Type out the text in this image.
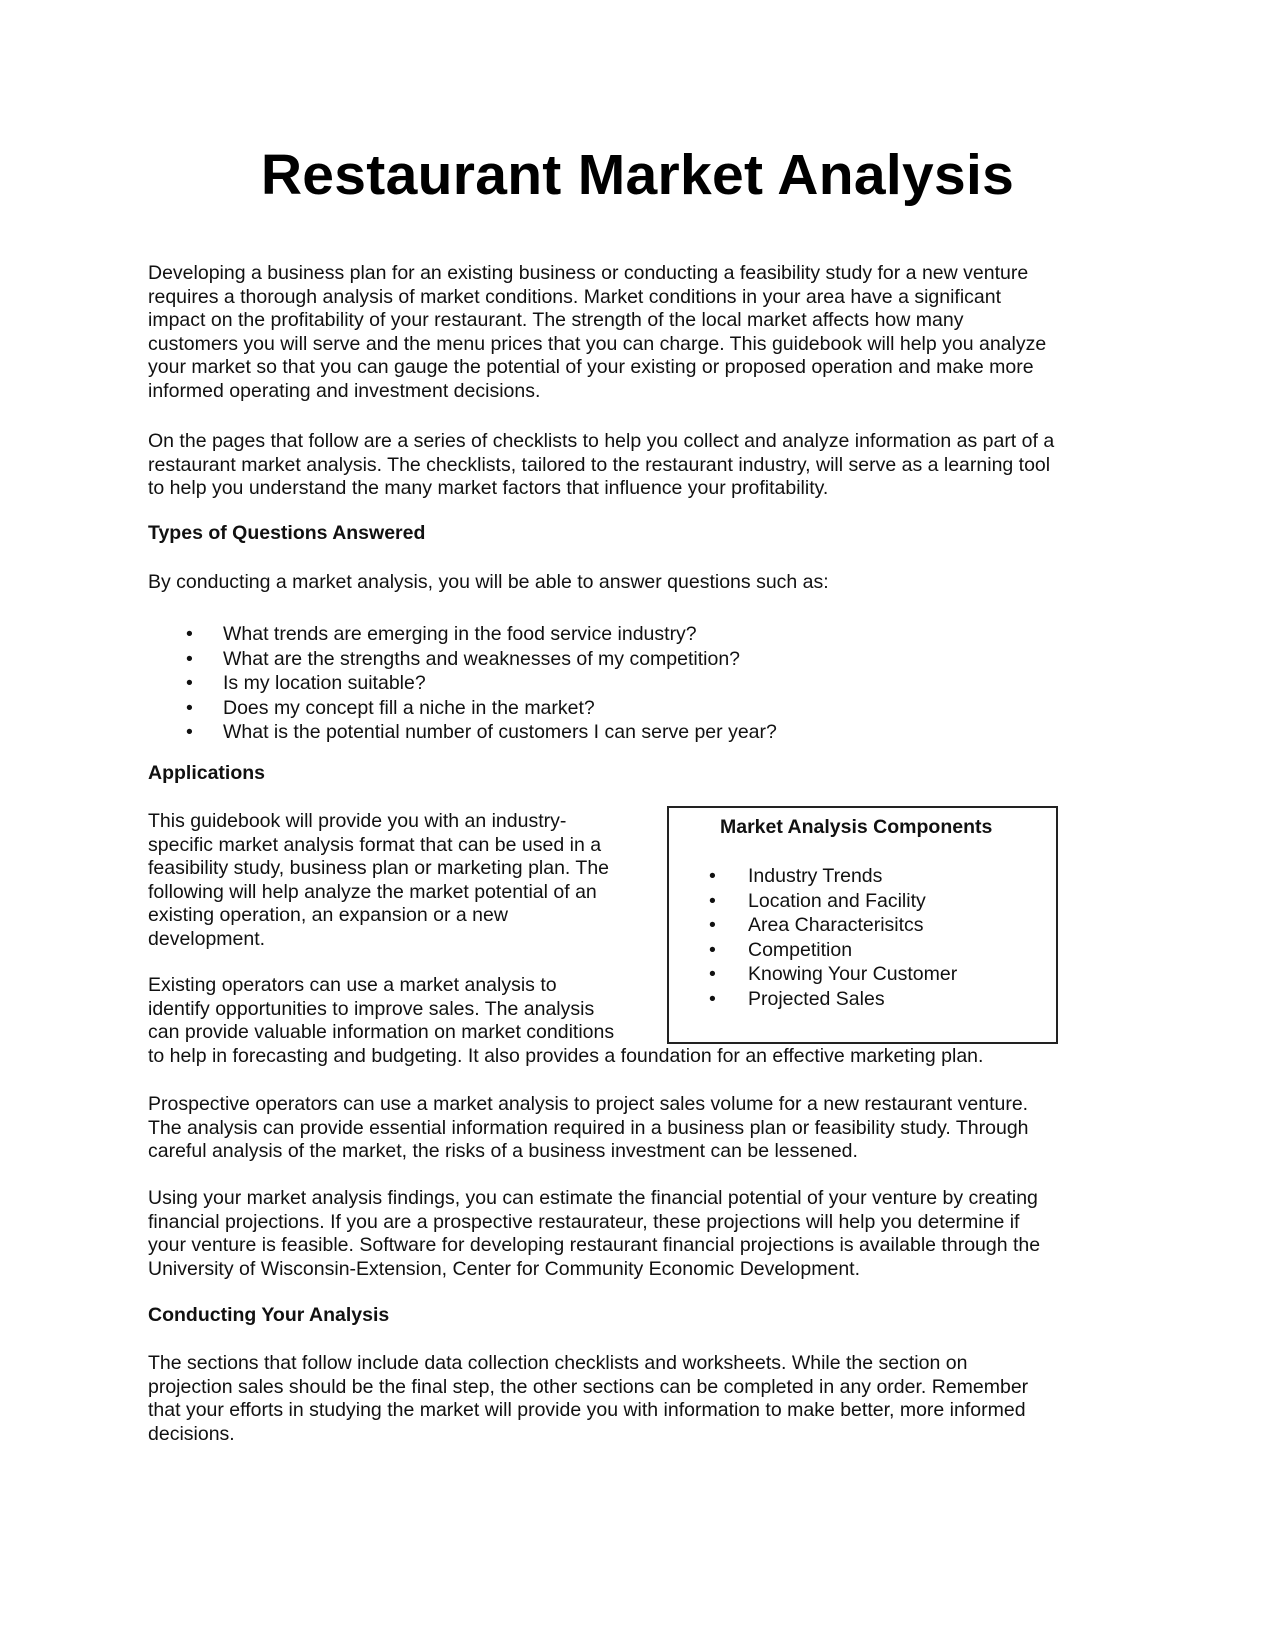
Restaurant Market Analysis

Developing a business plan for an existing business or conducting a feasibility study for a new venture
requires a thorough analysis of market conditions. Market conditions in your area have a significant
impact on the profitability of your restaurant. The strength of the local market affects how many
customers you will serve and the menu prices that you can charge. This guidebook will help you analyze
your market so that you can gauge the potential of your existing or proposed operation and make more
informed operating and investment decisions.

On the pages that follow are a series of checklists to help you collect and analyze information as part of a
restaurant market analysis. The checklists, tailored to the restaurant industry, will serve as a learning tool
to help you understand the many market factors that influence your profitability.

Types of Questions Answered

By conducting a market analysis, you will be able to answer questions such as:

• What trends are emerging in the food service industry?
• What are the strengths and weaknesses of my competition?
• Is my location suitable?
• Does my concept fill a niche in the market?
• What is the potential number of customers I can serve per year?
Applications

This guidebook will provide you with an industry-
specific market analysis format that can be used in a
feasibility study, business plan or marketing plan. The
following will help analyze the market potential of an
existing operation, an expansion or a new
development.

Existing operators can use a market analysis to
identify opportunities to improve sales. The analysis
can provide valuable information on market conditions

to help in forecasting and budgeting. It also provides a foundation for an effective marketing plan.

Market Analysis Components
• Industry Trends
• Location and Facility
• Area Characterisitcs
• Competition
• Knowing Your Customer
• Projected Sales

Prospective operators can use a market analysis to project sales volume for a new restaurant venture.
The analysis can provide essential information required in a business plan or feasibility study. Through
careful analysis of the market, the risks of a business investment can be lessened.

Using your market analysis findings, you can estimate the financial potential of your venture by creating
financial projections. If you are a prospective restaurateur, these projections will help you determine if
your venture is feasible. Software for developing restaurant financial projections is available through the
University of Wisconsin-Extension, Center for Community Economic Development.

Conducting Your Analysis

The sections that follow include data collection checklists and worksheets. While the section on
projection sales should be the final step, the other sections can be completed in any order. Remember
that your efforts in studying the market will provide you with information to make better, more informed
decisions.
